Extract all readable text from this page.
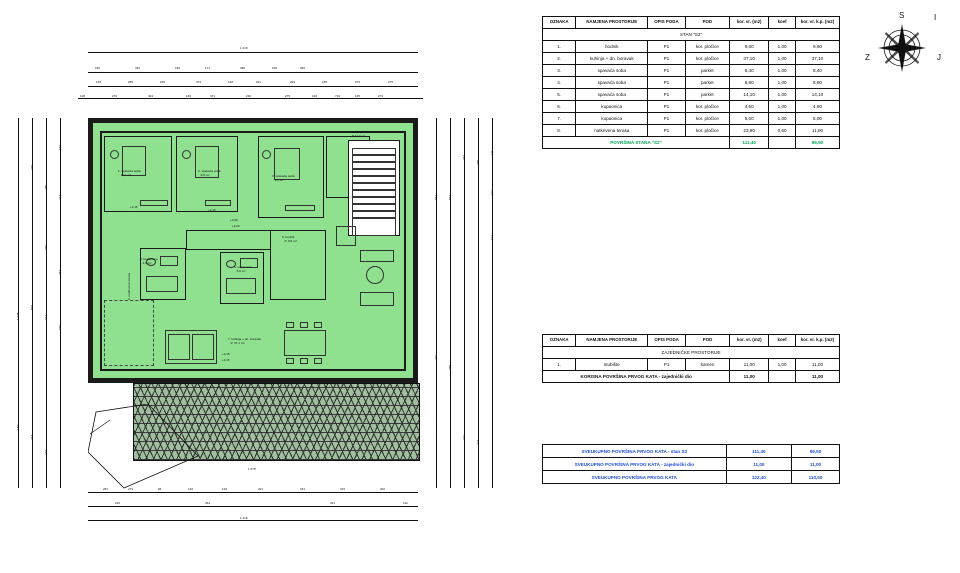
1 218
926
166	345	190	171	358	160
145	255	225	373	128	291	203	185	373	275
118	270	324	160	471	230	275	120	716	135	273
1 275
810
275
276
314
317
354
100
106
210
148
227
227
674	594
272
275
111
121
133
416
488
222
227
281	279	96	146	120	201	181	315	202
210	464	331	112
1 218
1 078
stubište
P 11,0 m²
8. natkrivena terasa
1. spavaća soba
14,1 m²
2. spavaća soba
8,8 m²	3. spavaća soba
9,4 m²
4. kupaonica
4,6 m²
5. kupaonica
5,0 m²
6. hodnik
P. 9,6 m²
7. kuhinja + dn. boravak
P. 37,1 m²
+3,15
+3,15
+3,36
+3,24
+3,15
+3,15
S	I
J
Z
OZNAKA	NAMJENA PROSTORIJE	OPIS PODA	POD	kor. vr. (m2)	koef	kor. vr. k.p. (m2)
STAN "S2"						
1.	hodnik	P1	kor. pločice	9,60	1,00	9,60
2.	kuhinja + dn. boravak	P1	kor. pločice	37,10	1,00	37,10
3.	spavaća soba	P1	parket	8,40	1,00	8,40
4.	spavaća soba	P1	parket	8,80	1,00	8,80
5.	spavaća soba	P1	parket	14,10	1,00	14,10
6.	kupaonica	P1	kor. pločice	4,60	1,00	4,60
7.	kupaonica	P1	kor. pločice	5,00	1,00	5,00
8.	natkrivena terasa	P1	kor. pločice	23,80	0,50	11,90
POVRŠINA STANA "S2"				111,40		99,50
OZNAKA	NAMJENA PROSTORIJE	OPIS PODA	POD	kor. vr. (m2)	koef	kor. vr. k.p. (m2)
ZAJEDNIČKE PROSTORIJE						
1.	stubište	P1	kamen	11,00	1,00	11,00
KORISNA POVRŠINA PRVOG KATA - zajednički dio				11,00		11,00
SVEUKUPNO POVRŠINA PRVOG KATA - stan S2	111,40	99,50
SVEUKUPNO POVRŠINA PRVOG KATA - zajednički dio	11,00	11,00
SVEUKUPNO POVRŠINA PRVOG KATA	122,40	110,50
